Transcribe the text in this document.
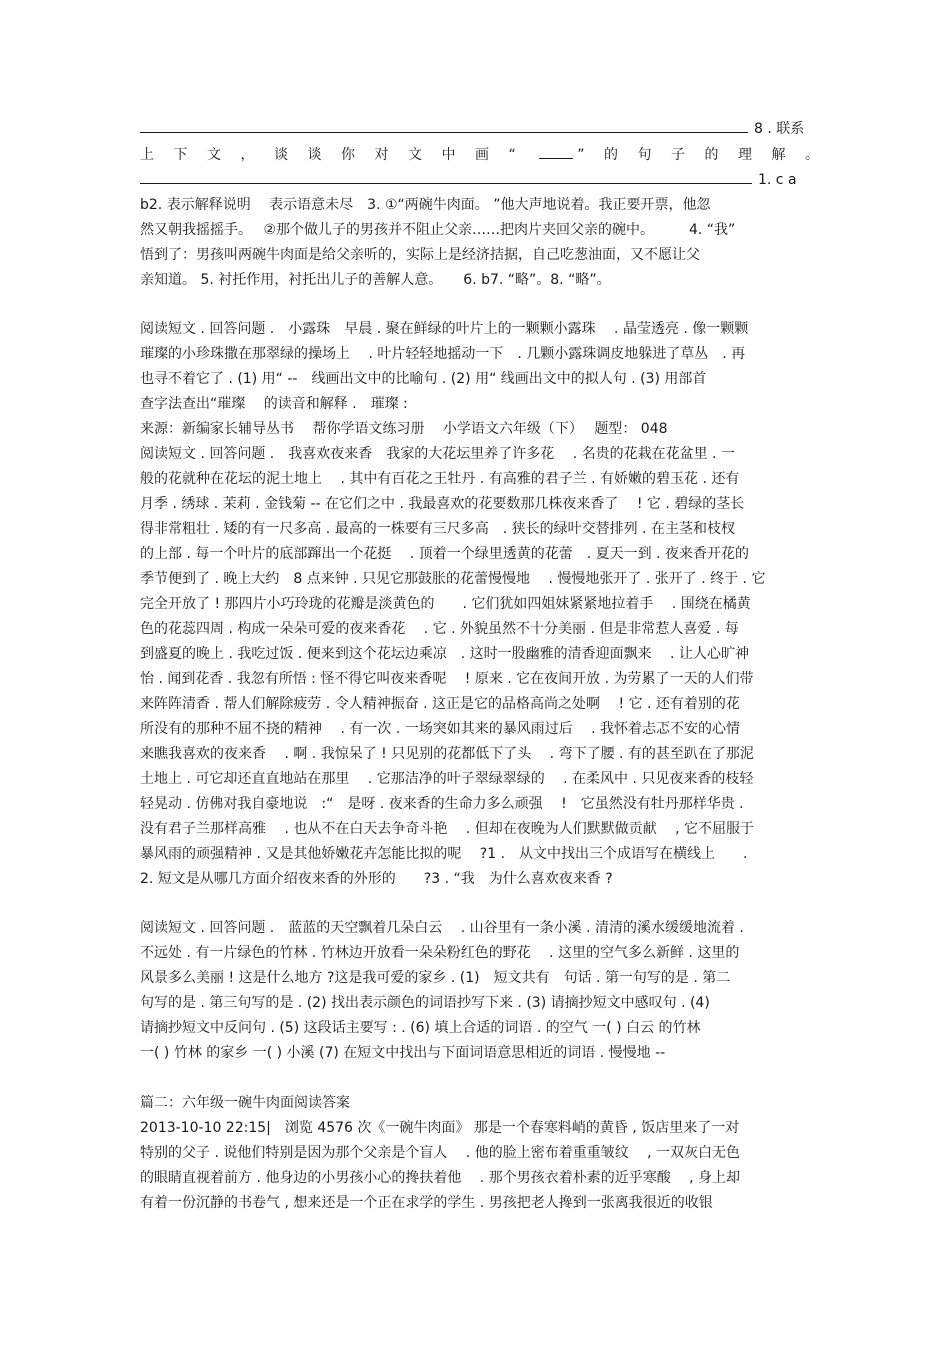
8 . 联系
上下文，谈谈你对文中画“	”的句子的理解。
1. c a
b2. 表示解释说明　 表示语意未尽　3. ①“两碗牛肉面。 ”他大声地说着。我正要开票，他忽
然又朝我摇摇手。　 ②那个做儿子的男孩并不阻止父亲……把肉片夹回父亲的碗中。　　　4. “我”
悟到了：男孩叫两碗牛肉面是给父亲听的，实际上是经济拮据，自己吃葱油面，又不愿让父
亲知道。 5. 衬托作用，衬托出儿子的善解人意。　　6. b7. “略”。8. “略”。
阅读短文 . 回答问题 .　小露珠　早晨 . 聚在鲜绿的叶片上的一颗颗小露珠　 . 晶莹透亮 . 像一颗颗
璀璨的小珍珠撒在那翠绿的操场上　 . 叶片轻轻地摇动一下　. 几颗小露珠调皮地躲进了草丛　. 再
也寻不着它了 . (1) 用“ --　线画出文中的比喻句 . (2) 用“ 线画出文中的拟人句 . (3) 用部首
查字法查出“璀璨　 的读音和解释 .　璀璨 :
来源：新编家长辅导丛书　 帮你学语文练习册　 小学语文六年级（下）　 题型： 048
阅读短文 . 回答问题 .　我喜欢夜来香　我家的大花坛里养了许多花　 . 名贵的花栽在花盆里 . 一
般的花就种在花坛的泥土地上　 . 其中有百花之王牡丹 . 有高雅的君子兰 . 有娇嫩的碧玉花 . 还有
月季 . 绣球 . 茉莉 . 金钱菊 -- 在它们之中 . 我最喜欢的花要数那几株夜来香了　 ! 它 . 碧绿的茎长
得非常粗壮 . 矮的有一尺多高 . 最高的一株要有三尺多高　. 狭长的绿叶交替排列 . 在主茎和枝杈
的上部 . 每一个叶片的底部蹿出一个花挺　 . 顶着一个绿里透黄的花蕾　. 夏天一到 . 夜来香开花的
季节便到了 . 晚上大约　8 点来钟 . 只见它那鼓胀的花蕾慢慢地　 . 慢慢地张开了 . 张开了 . 终于 . 它
完全开放了 ! 那四片小巧玲珑的花瓣是淡黄色的　　. 它们犹如四姐妹紧紧地拉着手　 . 围绕在橘黄
色的花蕊四周 . 构成一朵朵可爱的夜来香花　 . 它 . 外貌虽然不十分美丽 . 但是非常惹人喜爱 . 每
到盛夏的晚上 . 我吃过饭 . 便来到这个花坛边乘凉　. 这时一股幽雅的清香迎面飘来　 . 让人心旷神
怡 . 闻到花香 . 我忽有所悟 : 怪不得它叫夜来香呢　 ! 原来 . 它在夜间开放 . 为劳累了一天的人们带
来阵阵清香 . 帮人们解除疲劳 . 令人精神振奋 . 这正是它的品格高尚之处啊　 ! 它 . 还有着别的花
所没有的那种不屈不挠的精神　 . 有一次 . 一场突如其来的暴风雨过后　 . 我怀着忐忑不安的心情
来瞧我喜欢的夜来香　 . 啊 . 我惊呆了 ! 只见别的花都低下了头　 . 弯下了腰 . 有的甚至趴在了那泥
土地上 . 可它却还直直地站在那里　 . 它那洁净的叶子翠绿翠绿的　 . 在柔风中 . 只见夜来香的枝轻
轻晃动 . 仿佛对我自豪地说　:“　是呀 . 夜来香的生命力多么顽强　 !　它虽然没有牡丹那样华贵 .
没有君子兰那样高雅　 . 也从不在白天去争奇斗艳　 . 但却在夜晚为人们默默做贡献　 , 它不屈服于
暴风雨的顽强精神 . 又是其他娇嫩花卉怎能比拟的呢　 ?1 .　从文中找出三个成语写在横线上　　.
2. 短文是从哪几方面介绍夜来香的外形的　　?3 . “我　为什么喜欢夜来香 ?
阅读短文 . 回答问题 .　蓝蓝的天空飘着几朵白云　 . 山谷里有一条小溪 . 清清的溪水缓缓地流着 .
不远处 . 有一片绿色的竹林 . 竹林边开放看一朵朵粉红色的野花　 . 这里的空气多么新鲜 . 这里的
风景多么美丽 ! 这是什么地方 ?这是我可爱的家乡 . (1)　短文共有　句话 . 第一句写的是 . 第二
句写的是 . 第三句写的是 . (2) 找出表示颜色的词语抄写下来 . (3) 请摘抄短文中感叹句 . (4)
请摘抄短文中反问句 . (5) 这段话主要写 : . (6) 填上合适的词语 . 的空气 一( ) 白云 的竹林
一( ) 竹林 的家乡 一( ) 小溪 (7) 在短文中找出与下面词语意思相近的词语 . 慢慢地 --
篇二：六年级一碗牛肉面阅读答案
2013-10-10 22:15|　浏览 4576 次《一碗牛肉面》 那是一个春寒料峭的黄昏 , 饭店里来了一对
特别的父子 . 说他们特别是因为那个父亲是个盲人　 . 他的脸上密布着重重皱纹　 , 一双灰白无色
的眼睛直视着前方 . 他身边的小男孩小心的搀扶着他　 . 那个男孩衣着朴素的近乎寒酸　 , 身上却
有着一份沉静的书卷气 , 想来还是一个正在求学的学生 . 男孩把老人搀到一张离我很近的收银
